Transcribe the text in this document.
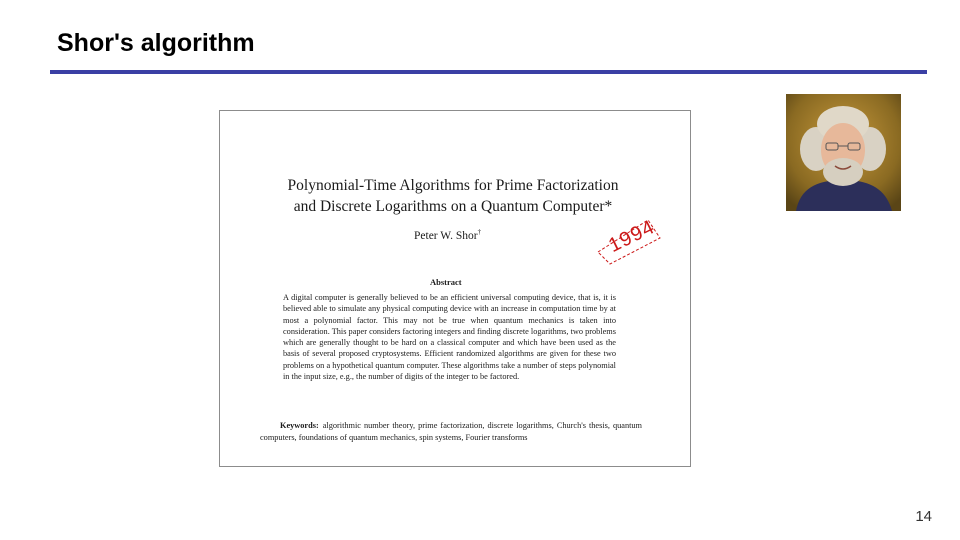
Shor's algorithm
Polynomial-Time Algorithms for Prime Factorization
and Discrete Logarithms on a Quantum Computer*
Peter W. Shor†
Abstract
A digital computer is generally believed to be an efficient universal computing device, that is, it is believed able to simulate any physical computing device with an increase in computation time by at most a polynomial factor. This may not be true when quantum mechanics is taken into consideration. This paper considers factoring integers and finding discrete logarithms, two problems which are generally thought to be hard on a classical computer and which have been used as the basis of several proposed cryptosystems. Efficient randomized algorithms are given for these two problems on a hypothetical quantum computer. These algorithms take a number of steps polynomial in the input size, e.g., the number of digits of the integer to be factored.
Keywords: algorithmic number theory, prime factorization, discrete logarithms, Church's thesis, quantum computers, foundations of quantum mechanics, spin systems, Fourier transforms
1994
14
